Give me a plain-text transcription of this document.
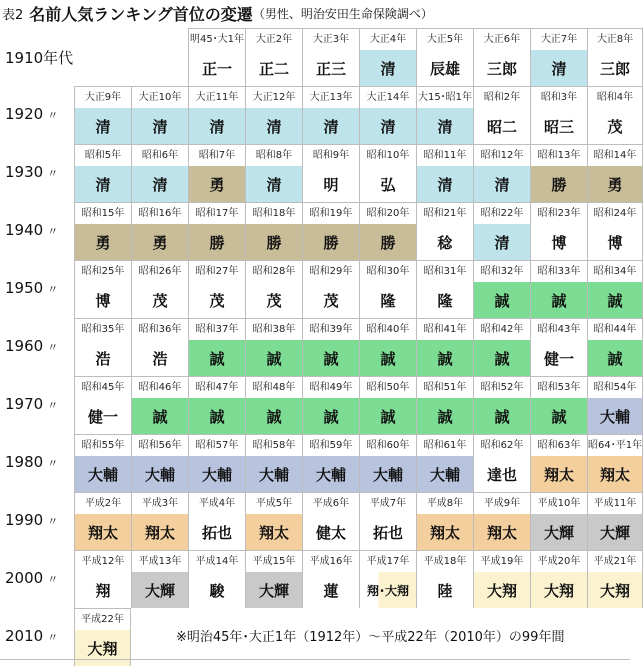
表2 名前人気ランキング首位の変遷（男性、明治安田生命保険調べ）
1910年代
明45･大1年
正一
大正2年
正二
大正3年
正三
大正4年
清
大正5年
辰雄
大正6年
三郎
大正7年
清
大正8年
三郎
1920 〃
大正9年
清
大正10年
清
大正11年
清
大正12年
清
大正13年
清
大正14年
清
大15･昭1年
清
昭和2年
昭二
昭和3年
昭三
昭和4年
茂
1930 〃
昭和5年
清
昭和6年
清
昭和7年
勇
昭和8年
清
昭和9年
明
昭和10年
弘
昭和11年
清
昭和12年
清
昭和13年
勝
昭和14年
勇
1940 〃
昭和15年
勇
昭和16年
勇
昭和17年
勝
昭和18年
勝
昭和19年
勝
昭和20年
勝
昭和21年
稔
昭和22年
清
昭和23年
博
昭和24年
博
1950 〃
昭和25年
博
昭和26年
茂
昭和27年
茂
昭和28年
茂
昭和29年
茂
昭和30年
隆
昭和31年
隆
昭和32年
誠
昭和33年
誠
昭和34年
誠
1960 〃
昭和35年
浩
昭和36年
浩
昭和37年
誠
昭和38年
誠
昭和39年
誠
昭和40年
誠
昭和41年
誠
昭和42年
誠
昭和43年
健一
昭和44年
誠
1970 〃
昭和45年
健一
昭和46年
誠
昭和47年
誠
昭和48年
誠
昭和49年
誠
昭和50年
誠
昭和51年
誠
昭和52年
誠
昭和53年
誠
昭和54年
大輔
1980 〃
昭和55年
大輔
昭和56年
大輔
昭和57年
大輔
昭和58年
大輔
昭和59年
大輔
昭和60年
大輔
昭和61年
大輔
昭和62年
達也
昭和63年
翔太
昭64･平1年
翔太
1990 〃
平成2年
翔太
平成3年
翔太
平成4年
拓也
平成5年
翔太
平成6年
健太
平成7年
拓也
平成8年
翔太
平成9年
翔太
平成10年
大輝
平成11年
大輝
2000 〃
平成12年
翔
平成13年
大輝
平成14年
駿
平成15年
大輝
平成16年
蓮
平成17年
翔･大翔
平成18年
陸
平成19年
大翔
平成20年
大翔
平成21年
大翔
2010 〃
平成22年
大翔
※明治45年･大正1年（1912年）～平成22年（2010年）の99年間
